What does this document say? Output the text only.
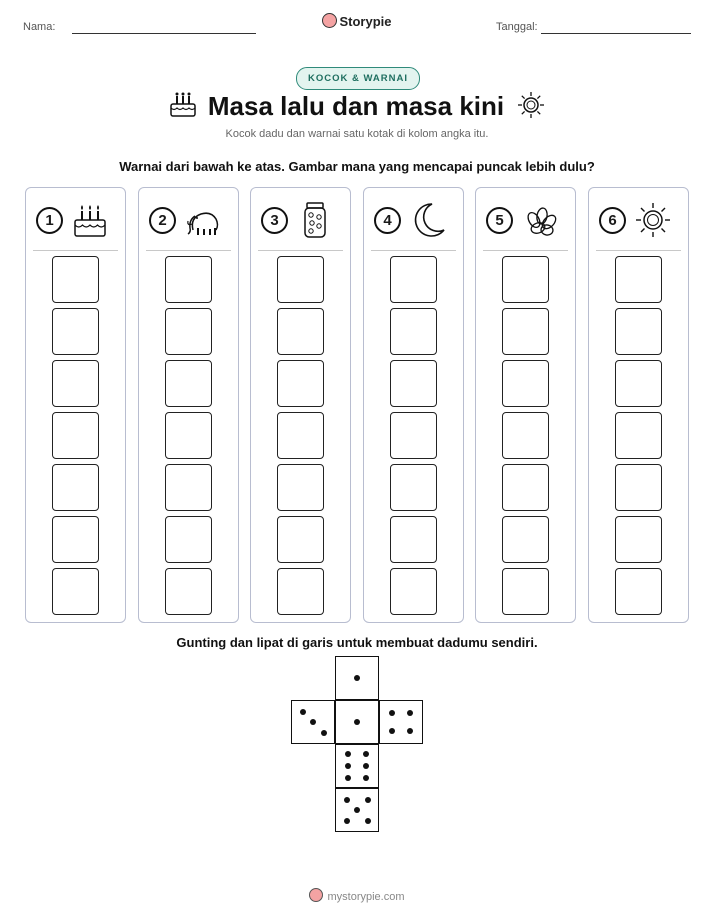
Nama:	Storypie	Tanggal:
KOCOK & WARNAI
Masa lalu dan masa kini
Kocok dadu dan warnai satu kotak di kolom angka itu.
Warnai dari bawah ke atas. Gambar mana yang mencapai puncak lebih dulu?
1	2	3	4	5	6
Gunting dan lipat di garis untuk membuat dadumu sendiri.
mystorypie.com
